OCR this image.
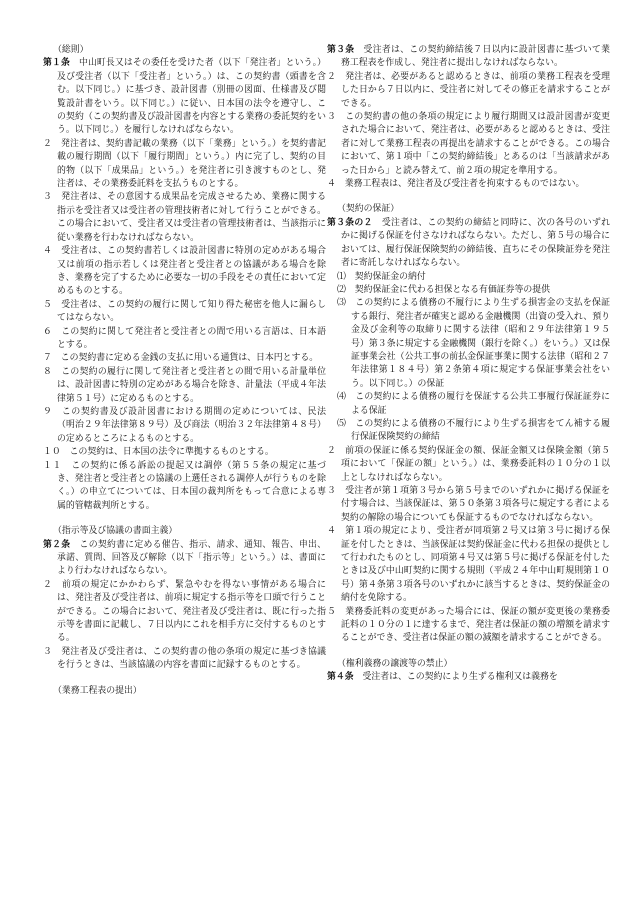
（総則）
第１条　中山町長又はその委任を受けた者（以下「発注者」という。）及び受注者（以下「受注者」という。）は、この契約書（頭書を含む。以下同じ。）に基づき、設計図書（別冊の図面、仕様書及び閲覧設計書をいう。以下同じ。）に従い、日本国の法令を遵守し、この契約（この契約書及び設計図書を内容とする業務の委託契約をいう。以下同じ。）を履行しなければならない。
２　発注者は、契約書記載の業務（以下「業務」という。）を契約書記載の履行期間（以下「履行期間」という。）内に完了し、契約の目的物（以下「成果品」という。）を発注者に引き渡すものとし、発注者は、その業務委託料を支払うものとする。
３　発注者は、その意図する成果品を完成させるため、業務に関する指示を受注者又は受注者の管理技術者に対して行うことができる。この場合において、受注者又は受注者の管理技術者は、当該指示に従い業務を行わなければならない。
４　受注者は、この契約書若しくは設計図書に特別の定めがある場合又は前項の指示若しくは発注者と受注者との協議がある場合を除き、業務を完了するために必要な一切の手段をその責任において定めるものとする。
５　受注者は、この契約の履行に関して知り得た秘密を他人に漏らしてはならない。
６　この契約に関して発注者と受注者との間で用いる言語は、日本語とする。
７　この契約書に定める金銭の支払に用いる通貨は、日本円とする。
８　この契約の履行に関して発注者と受注者との間で用いる計量単位は、設計図書に特別の定めがある場合を除き、計量法（平成４年法律第５１号）に定めるものとする。
９　この契約書及び設計図書における期間の定めについては、民法（明治２９年法律第８９号）及び商法（明治３２年法律第４８号）の定めるところによるものとする。
１０　この契約は、日本国の法令に準拠するものとする。
１１　この契約に係る訴訟の提起又は調停（第５５条の規定に基づき、発注者と受注者との協議の上選任される調停人が行うものを除く。）の申立てについては、日本国の裁判所をもって合意による専属的管轄裁判所とする。
（指示等及び協議の書面主義）
第２条　この契約書に定める催告、指示、請求、通知、報告、申出、承諾、質問、回答及び解除（以下「指示等」という。）は、書面により行わなければならない。
２　前項の規定にかかわらず、緊急やむを得ない事情がある場合には、発注者及び受注者は、前項に規定する指示等を口頭で行うことができる。この場合において、発注者及び受注者は、既に行った指示等を書面に記載し、７日以内にこれを相手方に交付するものとする。
３　発注者及び受注者は、この契約書の他の条項の規定に基づき協議を行うときは、当該協議の内容を書面に記録するものとする。
（業務工程表の提出）
第３条　受注者は、この契約締結後７日以内に設計図書に基づいて業務工程表を作成し、発注者に提出しなければならない。
２　発注者は、必要があると認めるときは、前項の業務工程表を受理した日から７日以内に、受注者に対してその修正を請求することができる。
３　この契約書の他の条項の規定により履行期間又は設計図書が変更された場合において、発注者は、必要があると認めるときは、受注者に対して業務工程表の再提出を請求することができる。この場合において、第１項中「この契約締結後」とあるのは「当該請求があった日から」と読み替えて、前２項の規定を準用する。
４　業務工程表は、発注者及び受注者を拘束するものではない。
（契約の保証）
第３条の２　受注者は、この契約の締結と同時に、次の各号のいずれかに掲げる保証を付さなければならない。ただし、第５号の場合においては、履行保証保険契約の締結後、直ちにその保険証券を発注者に寄託しなければならない。
⑴　契約保証金の納付
⑵　契約保証金に代わる担保となる有価証券等の提供
⑶　この契約による債務の不履行により生ずる損害金の支払を保証する銀行、発注者が確実と認める金融機関（出資の受入れ、預り金及び金利等の取締りに関する法律（昭和２９年法律第１９５号）第３条に規定する金融機関（銀行を除く。）をいう。）又は保証事業会社（公共工事の前払金保証事業に関する法律（昭和２７年法律第１８４号）第２条第４項に規定する保証事業会社をいう。以下同じ。）の保証
⑷　この契約による債務の履行を保証する公共工事履行保証証券による保証
⑸　この契約による債務の不履行により生ずる損害をてん補する履行保証保険契約の締結
２　前項の保証に係る契約保証金の額、保証金額又は保険金額（第５項において「保証の額」という。）は、業務委託料の１０分の１以上としなければならない。
３　受注者が第１項第３号から第５号までのいずれかに掲げる保証を付す場合は、当該保証は、第５０条第３項各号に規定する者による契約の解除の場合についても保証するものでなければならない。
４　第１項の規定により、受注者が同項第２号又は第３号に掲げる保証を付したときは、当該保証は契約保証金に代わる担保の提供として行われたものとし、同項第４号又は第５号に掲げる保証を付したときは及び中山町契約に関する規則（平成２４年中山町規則第１０号）第４条第３項各号のいずれかに該当するときは、契約保証金の納付を免除する。
５　業務委託料の変更があった場合には、保証の額が変更後の業務委託料の１０分の１に達するまで、発注者は保証の額の増額を請求することができ、受注者は保証の額の減額を請求することができる。
（権利義務の譲渡等の禁止）
第４条　受注者は、この契約により生ずる権利又は義務を
